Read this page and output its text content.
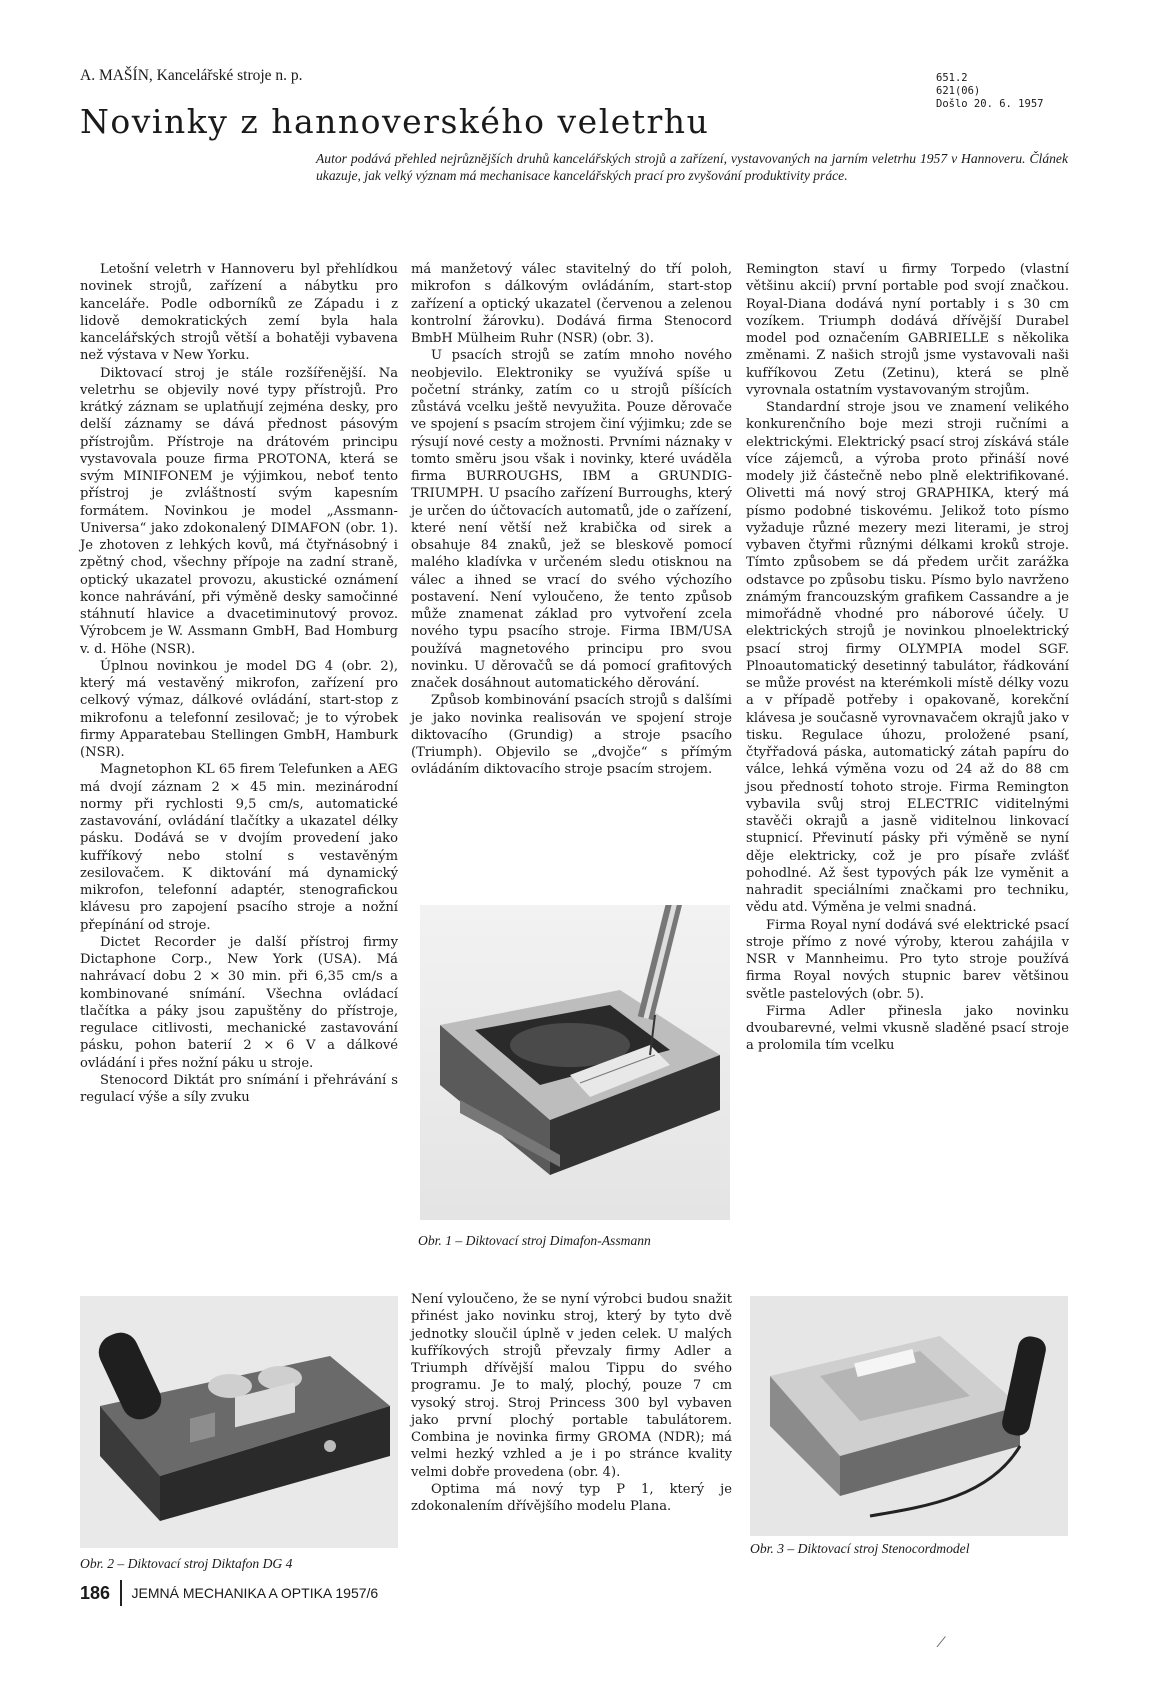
A. MAŠÍN, Kancelářské stroje n. p.
Novinky z hannoverského veletrhu
651.2
621(06)
Došlo 20. 6. 1957
Autor podává přehled nejrůznějších druhů kancelářských strojů a zařízení, vystavovaných na jarním veletrhu 1957 v Hannoveru. Článek ukazuje, jak velký význam má mechanisace kancelářských prací pro zvyšování produktivity práce.

Letošní veletrh v Hannoveru byl přehlídkou novinek strojů, zařízení a nábytku pro kanceláře. Podle odborníků ze Západu i z lidově demokratických zemí byla hala kancelářských strojů větší a bohatěji vybavena než výstava v New Yorku.

Diktovací stroj je stále rozšířenější. Na veletrhu se objevily nové typy přístrojů. Pro krátký záznam se uplatňují zejména desky, pro delší záznamy se dává přednost pásovým přístrojům. Přístroje na drátovém principu vystavovala pouze firma PROTONA, která se svým MINIFONEM je výjimkou, neboť tento přístroj je zvláštností svým kapesním formátem. Novinkou je model „Assmann-Universa“ jako zdokonalený DIMAFON (obr. 1). Je zhotoven z lehkých kovů, má čtyřnásobný i zpětný chod, všechny přípoje na zadní straně, optický ukazatel provozu, akustické oznámení konce nahrávání, při výměně desky samočinné stáhnutí hlavice a dvacetiminutový provoz. Výrobcem je W. Assmann GmbH, Bad Homburg v. d. Höhe (NSR).

Úplnou novinkou je model DG 4 (obr. 2), který má vestavěný mikrofon, zařízení pro celkový výmaz, dálkové ovládání, start-stop z mikrofonu a telefonní zesilovač; je to výrobek firmy Apparatebau Stellingen GmbH, Hamburk (NSR).

Magnetophon KL 65 firem Telefunken a AEG má dvojí záznam 2 × 45 min. mezinárodní normy při rychlosti 9,5 cm/s, automatické zastavování, ovládání tlačítky a ukazatel délky pásku. Dodává se v dvojím provedení jako kufříkový nebo stolní s vestavěným zesilovačem. K diktování má dynamický mikrofon, telefonní adaptér, stenografickou klávesu pro zapojení psacího stroje a nožní přepínání od stroje.

Dictet Recorder je další přístroj firmy Dictaphone Corp., New York (USA). Má nahrávací dobu 2 × 30 min. při 6,35 cm/s a kombinované snímání. Všechna ovládací tlačítka a páky jsou zapuštěny do přístroje, regulace citlivosti, mechanické zastavování pásku, pohon baterií 2 × 6 V a dálkové ovládání i přes nožní páku u stroje.

Stenocord Diktát pro snímání i přehrávání s regulací výše a síly zvuku

má manžetový válec stavitelný do tří poloh, mikrofon s dálkovým ovládáním, start-stop zařízení a optický ukazatel (červenou a zelenou kontrolní žárovku). Dodává firma Stenocord BmbH Mülheim Ruhr (NSR) (obr. 3).

U psacích strojů se zatím mnoho nového neobjevilo. Elektroniky se využívá spíše u početní stránky, zatím co u strojů píšících zůstává vcelku ještě nevyužita. Pouze děrovače ve spojení s psacím strojem činí výjimku; zde se rýsují nové cesty a možnosti. Prvními náznaky v tomto směru jsou však i novinky, které uváděla firma BURROUGHS, IBM a GRUNDIG-TRIUMPH. U psacího zařízení Burroughs, který je určen do účtovacích automatů, jde o zařízení, které není větší než krabička od sirek a obsahuje 84 znaků, jež se bleskově pomocí malého kladívka v určeném sledu otisknou na válec a ihned se vrací do svého výchozího postavení. Není vyloučeno, že tento způsob může znamenat základ pro vytvoření zcela nového typu psacího stroje. Firma IBM/USA používá magnetového principu pro svou novinku. U děrovačů se dá pomocí grafitových značek dosáhnout automatického děrování.

Způsob kombinování psacích strojů s dalšími je jako novinka realisován ve spojení stroje diktovacího (Grundig) a stroje psacího (Triumph). Objevilo se „dvojče“ s přímým ovládáním diktovacího stroje psacím strojem.

Obr. 1 – Diktovací stroj Dimafon-Assmann

Není vyloučeno, že se nyní výrobci budou snažit přinést jako novinku stroj, který by tyto dvě jednotky sloučil úplně v jeden celek. U malých kufříkových strojů převzaly firmy Adler a Triumph dřívější malou Tippu do svého programu. Je to malý, plochý, pouze 7 cm vysoký stroj. Stroj Princess 300 byl vybaven jako první plochý portable tabulátorem. Combina je novinka firmy GROMA (NDR); má velmi hezký vzhled a je i po stránce kvality velmi dobře provedena (obr. 4).

Optima má nový typ P 1, který je zdokonalením dřívějšího modelu Plana.

Remington staví u firmy Torpedo (vlastní většinu akcií) první portable pod svojí značkou. Royal-Diana dodává nyní portably i s 30 cm vozíkem. Triumph dodává dřívější Durabel model pod označením GABRIELLE s několika změnami. Z našich strojů jsme vystavovali naši kufříkovou Zetu (Zetinu), která se plně vyrovnala ostatním vystavovaným strojům.

Standardní stroje jsou ve znamení velikého konkurenčního boje mezi stroji ručními a elektrickými. Elektrický psací stroj získává stále více zájemců, a výroba proto přináší nové modely již částečně nebo plně elektrifikované. Olivetti má nový stroj GRAPHIKA, který má písmo podobné tiskovému. Jelikož toto písmo vyžaduje různé mezery mezi literami, je stroj vybaven čtyřmi různými délkami kroků stroje. Tímto způsobem se dá předem určit zarážka odstavce po způsobu tisku. Písmo bylo navrženo známým francouzským grafikem Cassandre a je mimořádně vhodné pro náborové účely. U elektrických strojů je novinkou plnoelektrický psací stroj firmy OLYMPIA model SGF. Plnoautomatický desetinný tabulátor, řádkování se může provést na kterémkoli místě délky vozu a v případě potřeby i opakovaně, korekční klávesa je současně vyrovnavačem okrajů jako v tisku. Regulace úhozu, proložené psaní, čtyřřadová páska, automatický zátah papíru do válce, lehká výměna vozu od 24 až do 88 cm jsou předností tohoto stroje. Firma Remington vybavila svůj stroj ELECTRIC viditelnými stavěči okrajů a jasně viditelnou linkovací stupnicí. Převinutí pásky při výměně se nyní děje elektricky, což je pro písaře zvlášť pohodlné. Až šest typových pák lze vyměnit a nahradit speciálními značkami pro techniku, vědu atd. Výměna je velmi snadná.

Firma Royal nyní dodává své elektrické psací stroje přímo z nové výroby, kterou zahájila v NSR v Mannheimu. Pro tyto stroje používá firma Royal nových stupnic barev většinou světle pastelových (obr. 5).

Firma Adler přinesla jako novinku dvoubarevné, velmi vkusně sladěné psací stroje a prolomila tím vcelku

Obr. 2 – Diktovací stroj Diktafon DG 4
Obr. 3 – Diktovací stroj Stenocordmodel
186 JEMNÁ MECHANIKA A OPTIKA 1957/6
⁄
